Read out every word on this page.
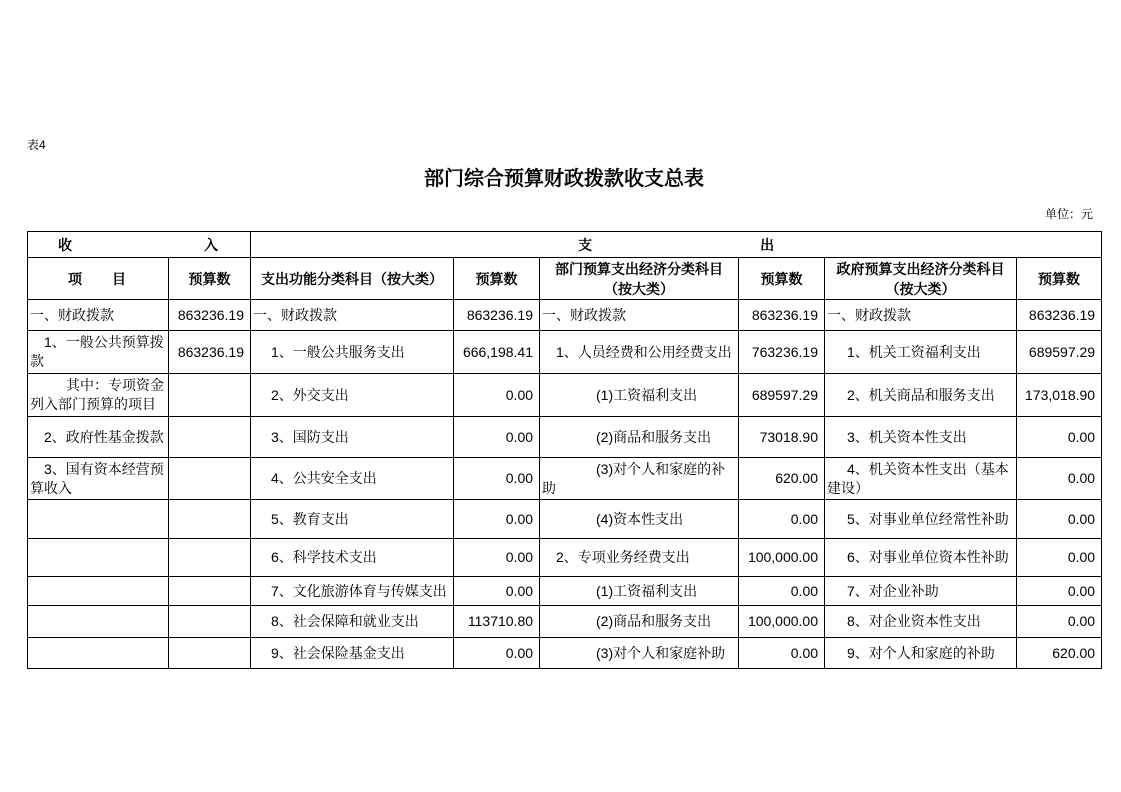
表4
部门综合预算财政拨款收支总表
单位：元
收 入		支 出					
项 目	预算数	支出功能分类科目（按大类）	预算数	部门预算支出经济分类科目（按大类）	预算数	政府预算支出经济分类科目（按大类）	预算数
一、财政拨款	863236.19	一、财政拨款	863236.19	一、财政拨款	863236.19	一、财政拨款	863236.19
1、一般公共预算拨款	863236.19	1、一般公共服务支出	666,198.41	1、人员经费和公用经费支出	763236.19	1、机关工资福利支出	689597.29
其中：专项资金列入部门预算的项目		2、外交支出	0.00	(1)工资福利支出	689597.29	2、机关商品和服务支出	173,018.90
2、政府性基金拨款		3、国防支出	0.00	(2)商品和服务支出	73018.90	3、机关资本性支出	0.00
3、国有资本经营预算收入		4、公共安全支出	0.00	(3)对个人和家庭的补助	620.00	4、机关资本性支出（基本建设）	0.00
		5、教育支出	0.00	(4)资本性支出	0.00	5、对事业单位经常性补助	0.00
		6、科学技术支出	0.00	2、专项业务经费支出	100,000.00	6、对事业单位资本性补助	0.00
		7、文化旅游体育与传媒支出	0.00	(1)工资福利支出	0.00	7、对企业补助	0.00
		8、社会保障和就业支出	113710.80	(2)商品和服务支出	100,000.00	8、对企业资本性支出	0.00
		9、社会保险基金支出	0.00	(3)对个人和家庭补助	0.00	9、对个人和家庭的补助	620.00
